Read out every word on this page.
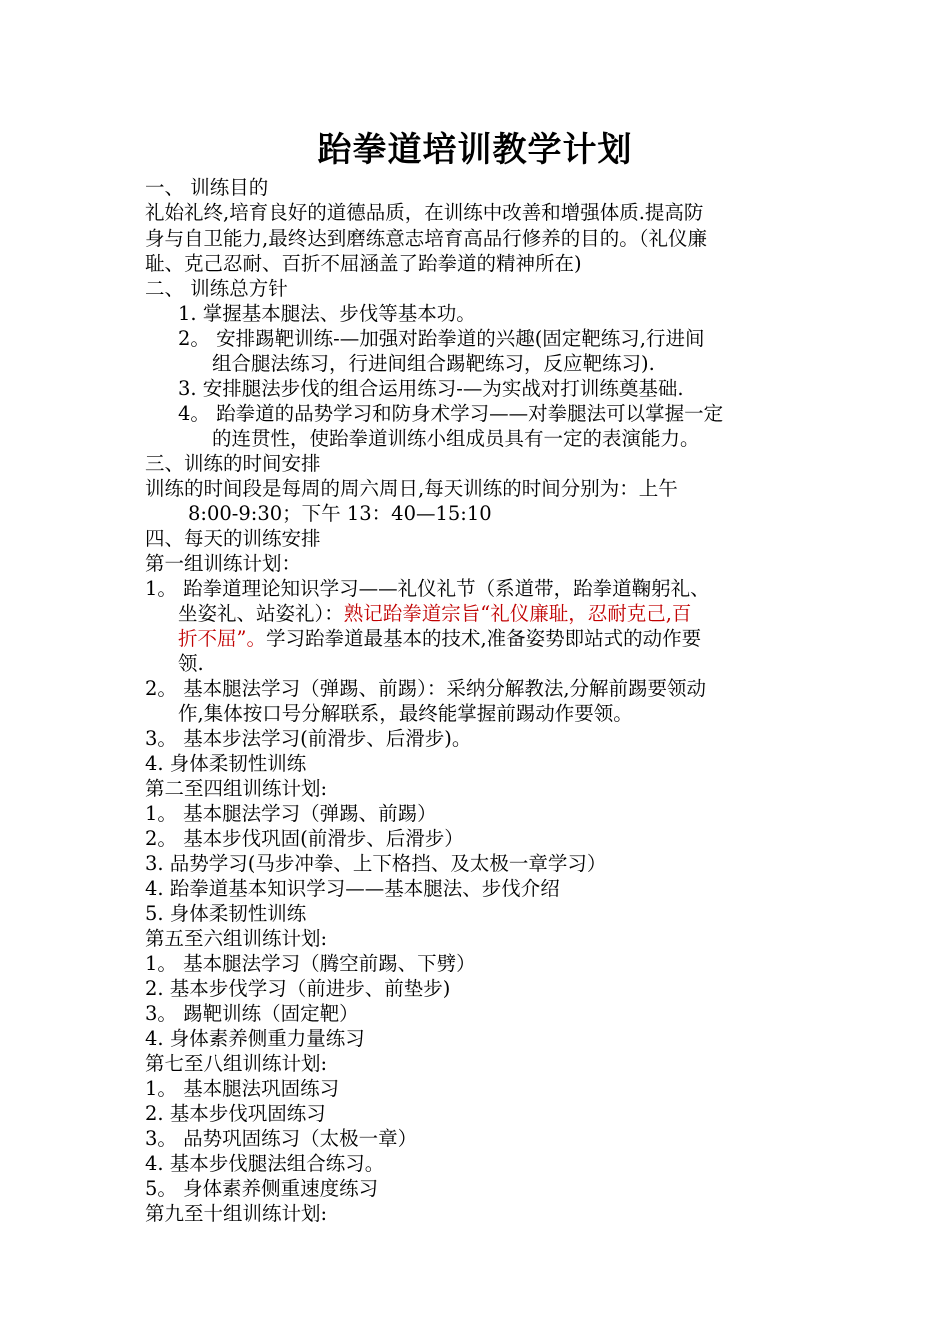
跆拳道培训教学计划
一、 训练目的
礼始礼终,培育良好的道德品质，在训练中改善和增强体质.提高防
身与自卫能力,最终达到磨练意志培育高品行修养的目的。（礼仪廉
耻、克己忍耐、百折不屈涵盖了跆拳道的精神所在)
二、 训练总方针
1. 掌握基本腿法、步伐等基本功。
2。 安排踢靶训练-—加强对跆拳道的兴趣(固定靶练习,行进间
组合腿法练习，行进间组合踢靶练习，反应靶练习).
3. 安排腿法步伐的组合运用练习-—为实战对打训练奠基础.
4。 跆拳道的品势学习和防身术学习——对拳腿法可以掌握一定
的连贯性，使跆拳道训练小组成员具有一定的表演能力。
三、训练的时间安排
训练的时间段是每周的周六周日,每天训练的时间分别为：上午
8:00-9:30；下午 13：40—15:10
四、每天的训练安排
第一组训练计划：
1。 跆拳道理论知识学习——礼仪礼节（系道带，跆拳道鞠躬礼、
坐姿礼、站姿礼）：熟记跆拳道宗旨“礼仪廉耻，忍耐克己,百
折不屈”。学习跆拳道最基本的技术,准备姿势即站式的动作要
领.
2。 基本腿法学习（弹踢、前踢）：采纳分解教法,分解前踢要领动
作,集体按口号分解联系，最终能掌握前踢动作要领。
3。 基本步法学习(前滑步、后滑步)。
4. 身体柔韧性训练
第二至四组训练计划:
1。 基本腿法学习（弹踢、前踢）
2。 基本步伐巩固(前滑步、后滑步）
3. 品势学习(马步冲拳、上下格挡、及太极一章学习）
4. 跆拳道基本知识学习——基本腿法、步伐介绍
5. 身体柔韧性训练
第五至六组训练计划:
1。 基本腿法学习（腾空前踢、下劈）
2. 基本步伐学习（前进步、前垫步)
3。 踢靶训练（固定靶）
4. 身体素养侧重力量练习
第七至八组训练计划:
1。 基本腿法巩固练习
2. 基本步伐巩固练习
3。 品势巩固练习（太极一章）
4. 基本步伐腿法组合练习。
5。 身体素养侧重速度练习
第九至十组训练计划:
